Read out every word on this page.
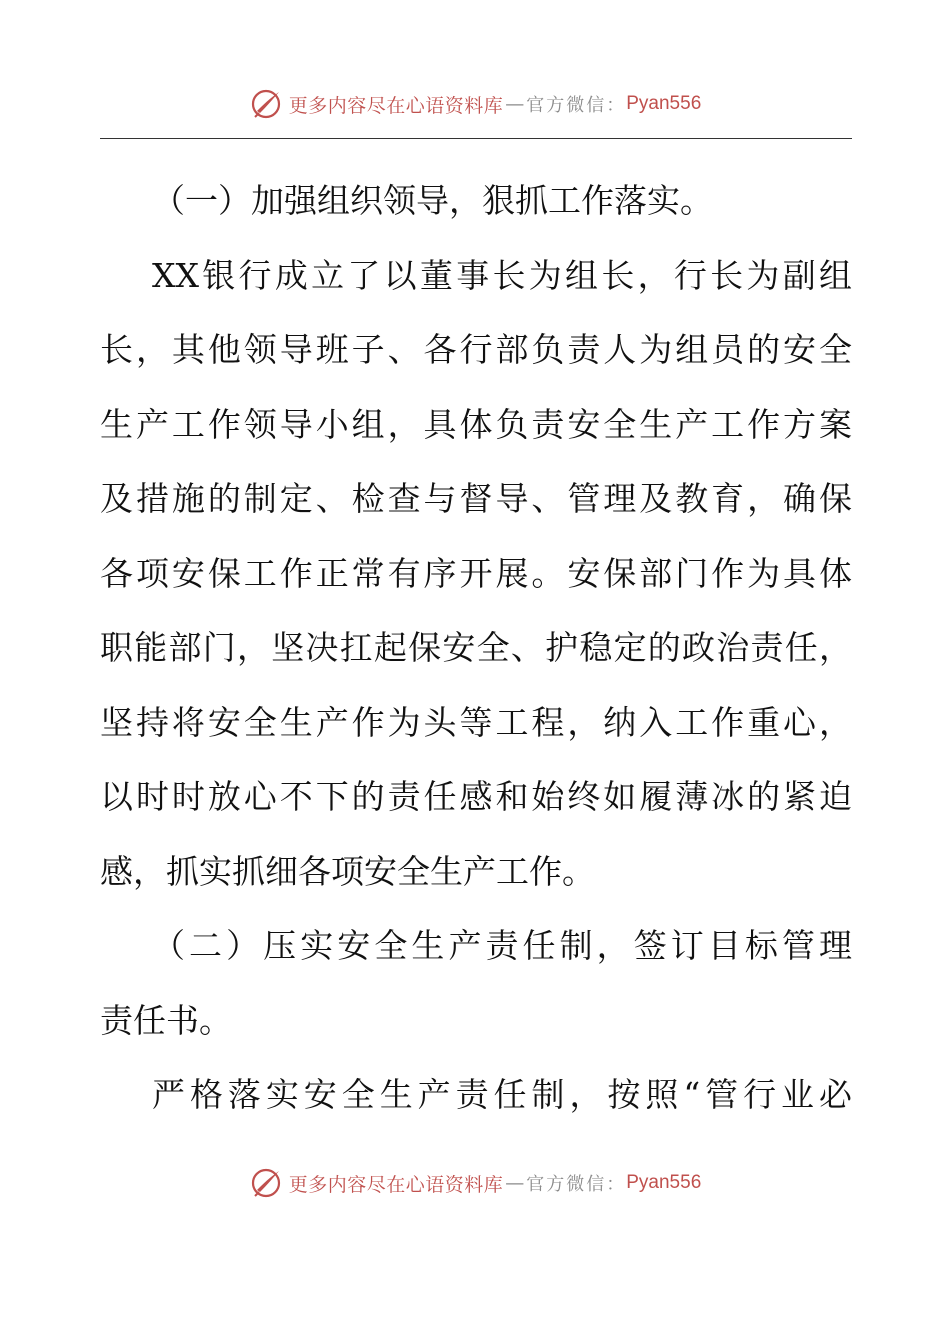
更多内容尽在心语资料库 — 官方微信： Pyan556
（一）加强组织领导，狠抓工作落实。
XX银行成立了以董事长为组长，行长为副组
长，其他领导班子、各行部负责人为组员的安全
生产工作领导小组，具体负责安全生产工作方案
及措施的制定、检查与督导、管理及教育，确保
各项安保工作正常有序开展。安保部门作为具体
职能部门，坚决扛起保安全、护稳定的政治责任，
坚持将安全生产作为头等工程，纳入工作重心，
以时时放心不下的责任感和始终如履薄冰的紧迫
感，抓实抓细各项安全生产工作。
（二）压实安全生产责任制，签订目标管理
责任书。
严格落实安全生产责任制，按照“管行业必
更多内容尽在心语资料库 — 官方微信： Pyan556
